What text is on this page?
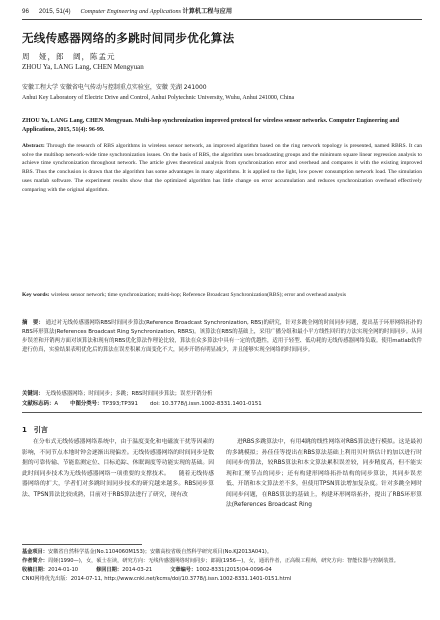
96 2015, 51(4) Computer Engineering and Applications 计算机工程与应用
无线传感器网络的多跳时间同步优化算法
周　娅，郎　阔，陈孟元
ZHOU Ya, LANG Lang, CHEN Mengyuan
安徽工程大学 安徽省电气传动与控制重点实验室，安徽 芜湖 241000
Anhui Key Laboratory of Electric Drive and Control, Anhui Polytechnic University, Wuhu, Anhui 241000, China
ZHOU Ya, LANG Lang, CHEN Mengyuan. Multi-hop synchronization improved protocol for wireless sensor networks. Computer Engineering and Applications, 2015, 51(4): 96-99.
Abstract: Through the research of RBS algorithms in wireless sensor network, an improved algorithm based on the ring network topology is presented, named RBRS. It can solve the multihop network-wide time synchronization issues. On the basis of RBS, the algorithm uses broadcasting groups and the minimum square linear regression analysis to achieve time synchronization throughout network. The article gives theoretical analysis from synchronization error and overhead and compares it with the existing improved RBS. Thus the conclusion is drawn that the algorithm has some advantages in many algorithms. It is applied to the light, low power consumption network load. The simulation uses matlab software. The experiment results show that the optimized algorithm has little change on error accumulation and reduces synchronization overhead effectively comparing with the original algorithm.
Key words: wireless sensor network; time synchronization; multi-hop; Reference Broadcast Synchronization(RBS); error and overhead analysis
摘　要： 通过对无线传感器网络RBS时间同步算法(Reference Broadcast Synchronization, RBS)的研究，针对多跳全网的时间同步问题，提出基于环形网络拓扑的RBS环形算法(References Broadcast Ring Synchronization, RBRS)。该算法在RBS的基础上，采用广播分组和最小平方线性回归的方法实现全网的时间同步。从同步误差和开销两方面对该算法和现有的RBS优化算法作理论比较，算法在众多算法中具有一定的优越性，适用于轻型、低功耗的无线传感器网络负载。使用matlab软件进行仿真，实验结果表明优化后的算法在误差积累方面变化不大，同步开销有明显减少，并且能够实现全网络的时间同步。
关键词： 无线传感器网络；时间同步；多跳；RBS时间同步算法；误差开销分析
文献标志码：A 中图分类号：TP393;TP391 doi: 10.3778/j.issn.1002-8331.1401-0151
1　引言
在分布式无线传感器网络系统中，由于温度变化和电磁波干扰等因素的影响，不同节点本地时钟会逐渐出现偏差。无线传感器网络的时间同步是数据的可靠传输、节能监测定位、目标追踪、休眠调度等功能实现的基础。因此时间同步技术为无线传感器网络一项重要的支撑技术。　　随着无线传感器网络的扩大，学者们对多跳时间同步技术的研究越来越多。RBS同步算法、TPSN算法比较成熟，目前对于RBS算法进行了研究，现有改
进RBS多跳算法中，有用4跳的线性网络对RBS算法进行模拟。这是最初的多跳模拟；孙佳佳等提出在RBS算法基础上利用贝叶斯估计的加以进行时间同步的算法，较RBS算法和本文算法累积误差较，同步精度高，但不能实现和汇聚节点的同步；还有构建形网络拓扑结构的同步算法，其同步误差低、开销和本文算法差不多，但使用TPSN算法增加复杂度。针对多跳全网时间同步问题，在RBS算法的基础上，构建环形网络拓扑，提出了RBS环形算法(References Broadcast Ring
基金项目：安徽省自然科学基金(No.1104060M153)；安徽高校省级自然科学研究项目(No.KJ2013A041)。
作者简介：周娅(1990—)，女，硕士在读，研究方向：无线传感器网络时间同步；郎阔(1956—)，女，通讯作者，正高级工程师，研究方向：智能仪器与控制装置。
收稿日期：2014-01-10	修回日期：2014-03-21	文章编号：1002-8331(2015)04-0096-04
CNKI网络优先出版：2014-07-11, http://www.cnki.net/kcms/doi/10.3778/j.issn.1002-8331.1401-0151.html
